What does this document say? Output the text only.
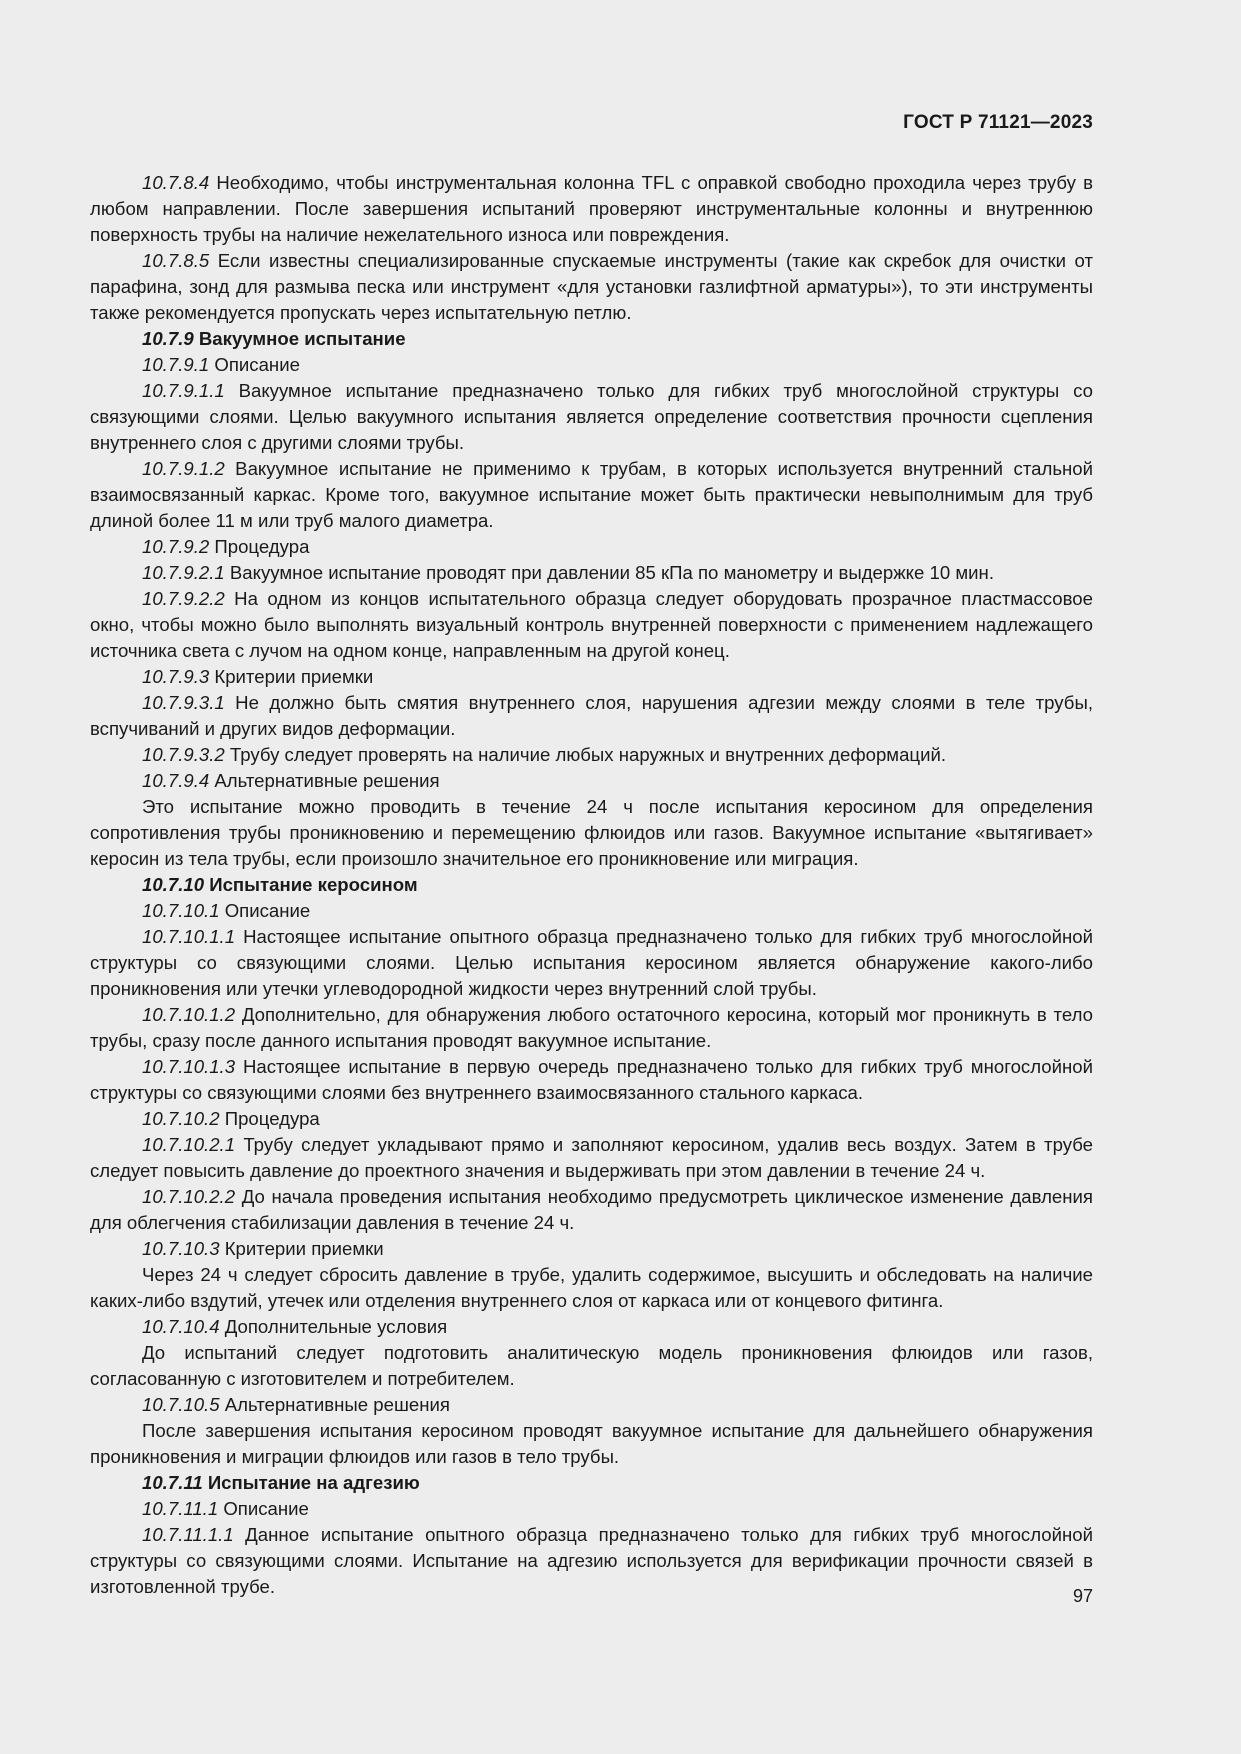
ГОСТ Р 71121—2023

10.7.8.4 Необходимо, чтобы инструментальная колонна TFL с оправкой свободно проходила через трубу в любом направлении. После завершения испытаний проверяют инструментальные колонны и внутреннюю поверхность трубы на наличие нежелательного износа или повреждения.

10.7.8.5 Если известны специализированные спускаемые инструменты (такие как скребок для очистки от парафина, зонд для размыва песка или инструмент «для установки газлифтной арматуры»), то эти инструменты также рекомендуется пропускать через испытательную петлю.

10.7.9 Вакуумное испытание

10.7.9.1 Описание

10.7.9.1.1 Вакуумное испытание предназначено только для гибких труб многослойной структуры со связующими слоями. Целью вакуумного испытания является определение соответствия прочности сцепления внутреннего слоя с другими слоями трубы.

10.7.9.1.2 Вакуумное испытание не применимо к трубам, в которых используется внутренний стальной взаимосвязанный каркас. Кроме того, вакуумное испытание может быть практически невыполнимым для труб длиной более 11 м или труб малого диаметра.

10.7.9.2 Процедура

10.7.9.2.1 Вакуумное испытание проводят при давлении 85 кПа по манометру и выдержке 10 мин.

10.7.9.2.2 На одном из концов испытательного образца следует оборудовать прозрачное пластмассовое окно, чтобы можно было выполнять визуальный контроль внутренней поверхности с применением надлежащего источника света с лучом на одном конце, направленным на другой конец.

10.7.9.3 Критерии приемки

10.7.9.3.1 Не должно быть смятия внутреннего слоя, нарушения адгезии между слоями в теле трубы, вспучиваний и других видов деформации.

10.7.9.3.2 Трубу следует проверять на наличие любых наружных и внутренних деформаций.

10.7.9.4 Альтернативные решения

Это испытание можно проводить в течение 24 ч после испытания керосином для определения сопротивления трубы проникновению и перемещению флюидов или газов. Вакуумное испытание «вытягивает» керосин из тела трубы, если произошло значительное его проникновение или миграция.

10.7.10 Испытание керосином

10.7.10.1 Описание

10.7.10.1.1 Настоящее испытание опытного образца предназначено только для гибких труб многослойной структуры со связующими слоями. Целью испытания керосином является обнаружение какого-либо проникновения или утечки углеводородной жидкости через внутренний слой трубы.

10.7.10.1.2 Дополнительно, для обнаружения любого остаточного керосина, который мог проникнуть в тело трубы, сразу после данного испытания проводят вакуумное испытание.

10.7.10.1.3 Настоящее испытание в первую очередь предназначено только для гибких труб многослойной структуры со связующими слоями без внутреннего взаимосвязанного стального каркаса.

10.7.10.2 Процедура

10.7.10.2.1 Трубу следует укладывают прямо и заполняют керосином, удалив весь воздух. Затем в трубе следует повысить давление до проектного значения и выдерживать при этом давлении в течение 24 ч.

10.7.10.2.2 До начала проведения испытания необходимо предусмотреть циклическое изменение давления для облегчения стабилизации давления в течение 24 ч.

10.7.10.3 Критерии приемки

Через 24 ч следует сбросить давление в трубе, удалить содержимое, высушить и обследовать на наличие каких-либо вздутий, утечек или отделения внутреннего слоя от каркаса или от концевого фитинга.

10.7.10.4 Дополнительные условия

До испытаний следует подготовить аналитическую модель проникновения флюидов или газов, согласованную с изготовителем и потребителем.

10.7.10.5 Альтернативные решения

После завершения испытания керосином проводят вакуумное испытание для дальнейшего обнаружения проникновения и миграции флюидов или газов в тело трубы.

10.7.11 Испытание на адгезию

10.7.11.1 Описание

10.7.11.1.1 Данное испытание опытного образца предназначено только для гибких труб многослойной структуры со связующими слоями. Испытание на адгезию используется для верификации прочности связей в изготовленной трубе.	97
